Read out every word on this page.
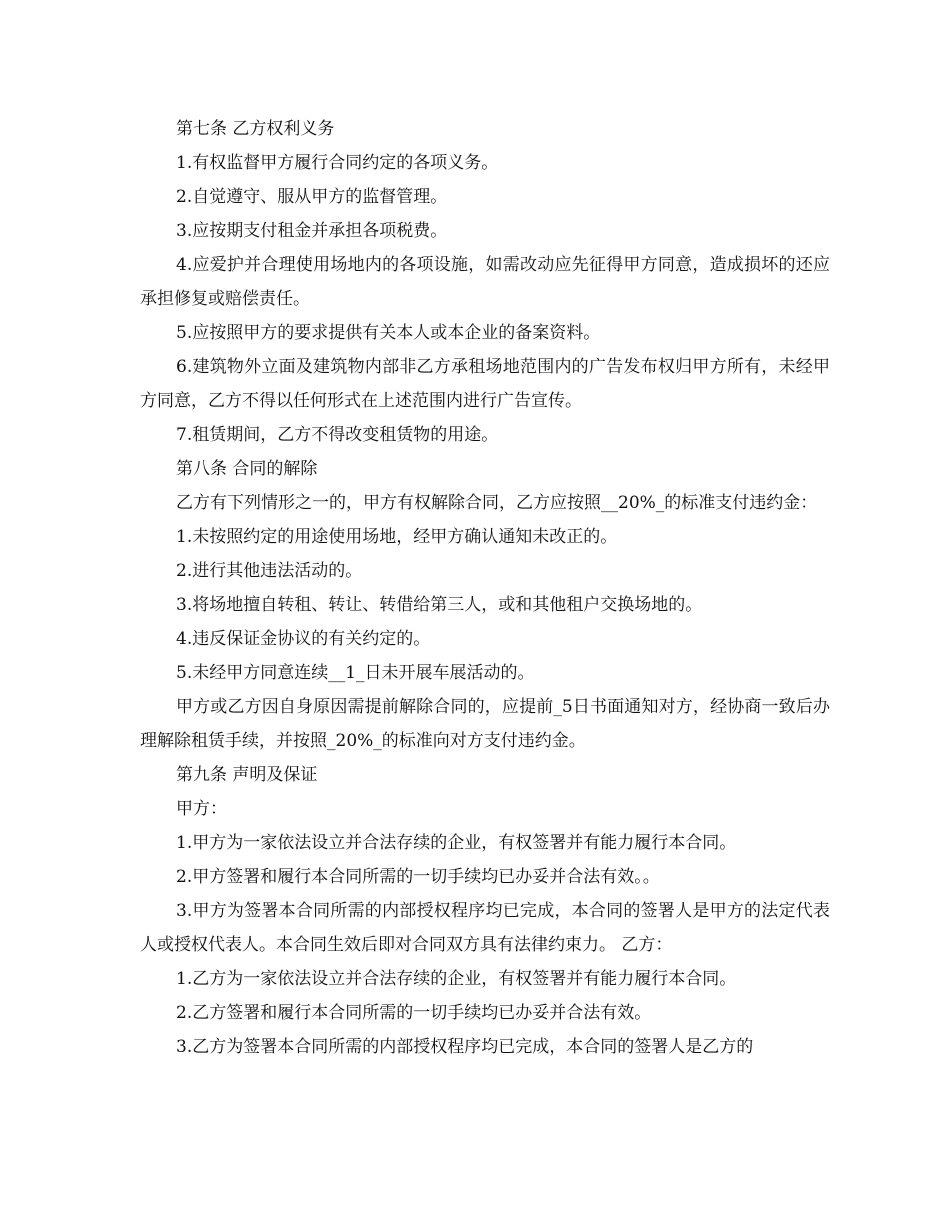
第七条 乙方权利义务

1.有权监督甲方履行合同约定的各项义务。

2.自觉遵守、服从甲方的监督管理。

3.应按期支付租金并承担各项税费。

4.应爱护并合理使用场地内的各项设施，如需改动应先征得甲方同意，造成损坏的还应承担修复或赔偿责任。

5.应按照甲方的要求提供有关本人或本企业的备案资料。

6.建筑物外立面及建筑物内部非乙方承租场地范围内的广告发布权归甲方所有，未经甲方同意，乙方不得以任何形式在上述范围内进行广告宣传。

7.租赁期间，乙方不得改变租赁物的用途。

第八条 合同的解除

乙方有下列情形之一的，甲方有权解除合同，乙方应按照__20%_的标准支付违约金：

1.未按照约定的用途使用场地，经甲方确认通知未改正的。

2.进行其他违法活动的。

3.将场地擅自转租、转让、转借给第三人，或和其他租户交换场地的。

4.违反保证金协议的有关约定的。

5.未经甲方同意连续__1_日未开展车展活动的。

甲方或乙方因自身原因需提前解除合同的，应提前_5日书面通知对方，经协商一致后办理解除租赁手续，并按照_20%_的标准向对方支付违约金。

第九条 声明及保证

甲方：

1.甲方为一家依法设立并合法存续的企业，有权签署并有能力履行本合同。

2.甲方签署和履行本合同所需的一切手续均已办妥并合法有效。。

3.甲方为签署本合同所需的内部授权程序均已完成，本合同的签署人是甲方的法定代表人或授权代表人。本合同生效后即对合同双方具有法律约束力。 乙方：

1.乙方为一家依法设立并合法存续的企业，有权签署并有能力履行本合同。

2.乙方签署和履行本合同所需的一切手续均已办妥并合法有效。

3.乙方为签署本合同所需的内部授权程序均已完成，本合同的签署人是乙方的
